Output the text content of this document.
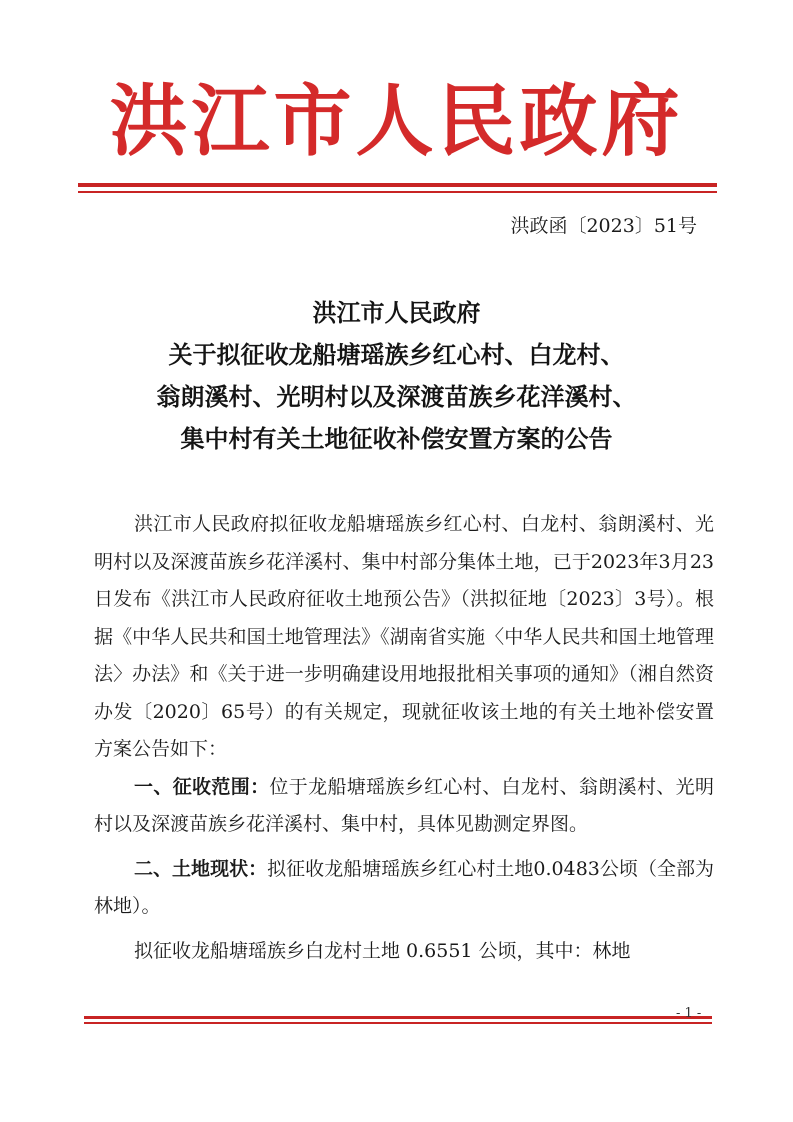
洪江市人民政府
洪政函〔2023〕51号
洪江市人民政府
关于拟征收龙船塘瑶族乡红心村、白龙村、
翁朗溪村、光明村以及深渡苗族乡花洋溪村、
集中村有关土地征收补偿安置方案的公告

洪江市人民政府拟征收龙船塘瑶族乡红心村、白龙村、翁朗溪村、光明村以及深渡苗族乡花洋溪村、集中村部分集体土地，已于2023年3月23日发布《洪江市人民政府征收土地预公告》（洪拟征地〔2023〕3号）。根据《中华人民共和国土地管理法》《湖南省实施〈中华人民共和国土地管理法〉办法》和《关于进一步明确建设用地报批相关事项的通知》（湘自然资办发〔2020〕65号）的有关规定，现就征收该土地的有关土地补偿安置方案公告如下：

一、征收范围：位于龙船塘瑶族乡红心村、白龙村、翁朗溪村、光明村以及深渡苗族乡花洋溪村、集中村，具体见勘测定界图。

二、土地现状：拟征收龙船塘瑶族乡红心村土地0.0483公顷（全部为林地）。

拟征收龙船塘瑶族乡白龙村土地 0.6551 公顷，其中：林地

- 1 -
